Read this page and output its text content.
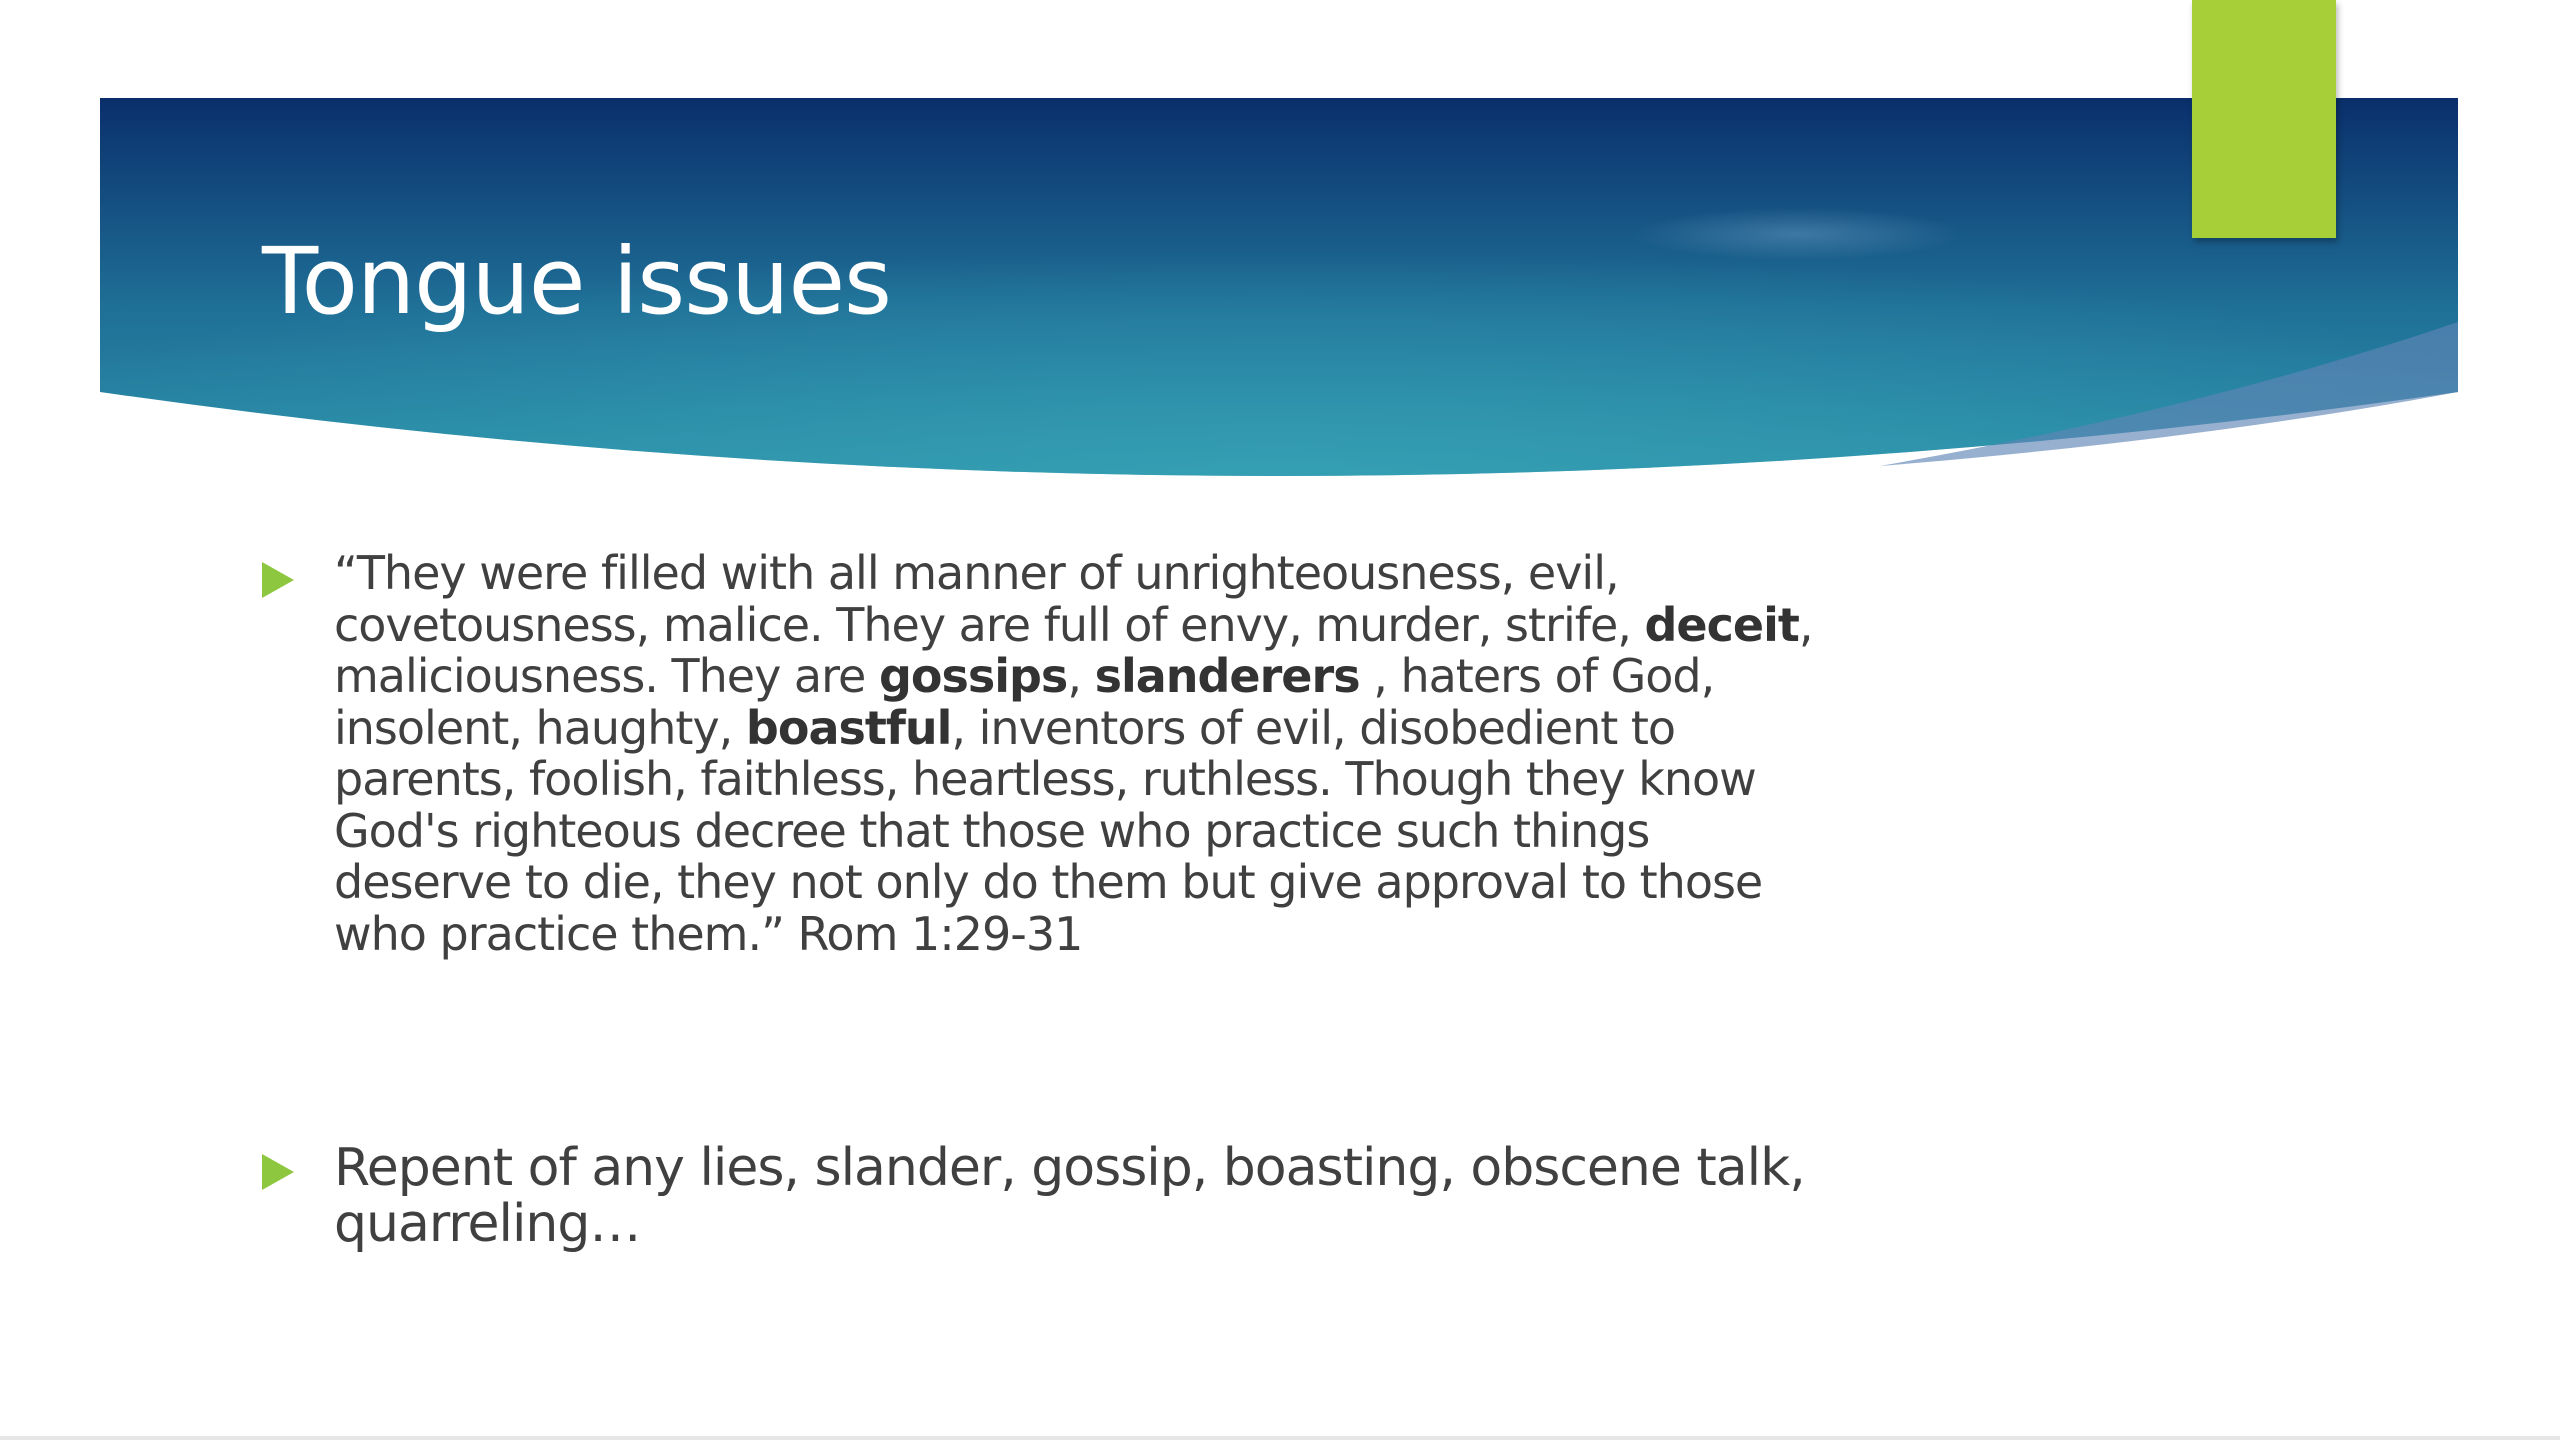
Tongue issues
“They were filled with all manner of unrighteousness, evil,
covetousness, malice. They are full of envy, murder, strife, deceit,
maliciousness. They are gossips, slanderers , haters of God,
insolent, haughty, boastful, inventors of evil, disobedient to
parents, foolish, faithless, heartless, ruthless. Though they know
God's righteous decree that those who practice such things
deserve to die, they not only do them but give approval to those
who practice them.” Rom 1:29-31
Repent of any lies, slander, gossip, boasting, obscene talk,
quarreling…
